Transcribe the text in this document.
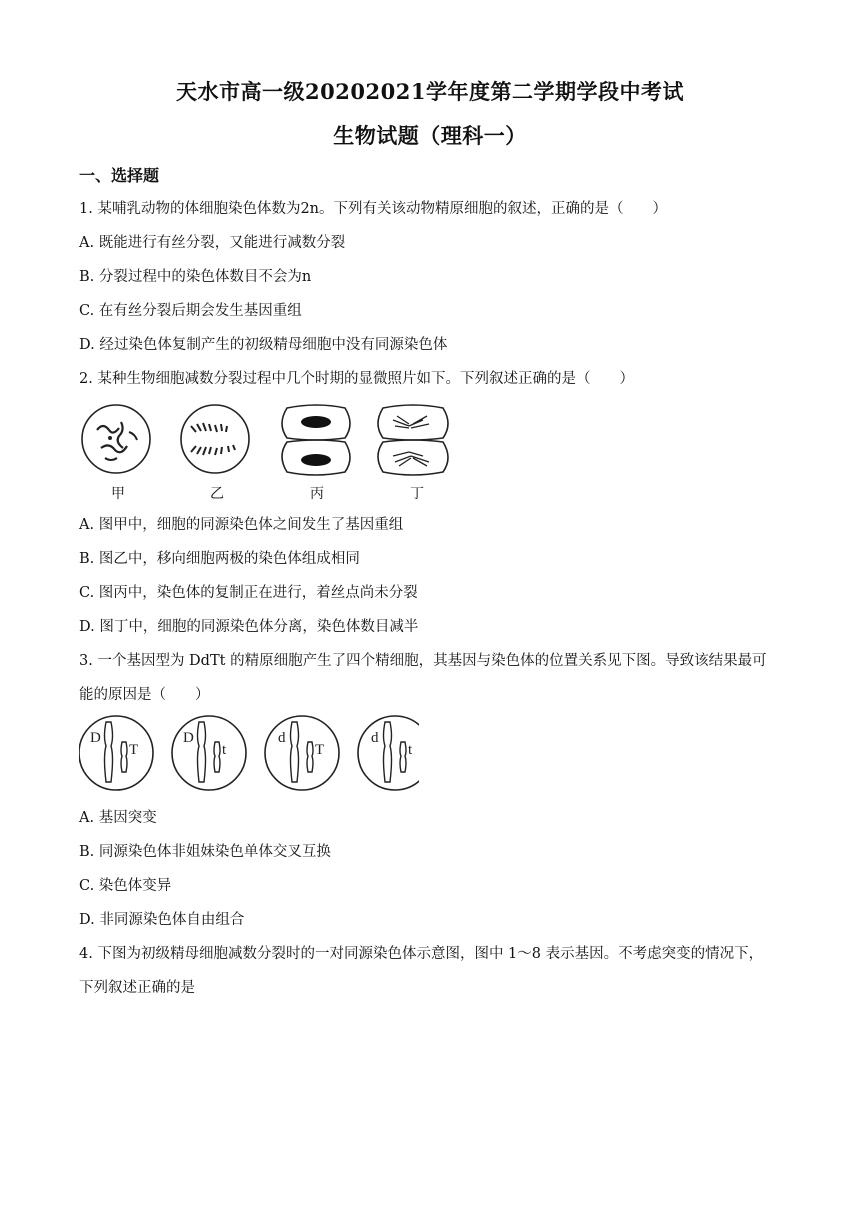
天水市高一级20202021学年度第二学期学段中考试
生物试题（理科一）
一、选择题
1. 某哺乳动物的体细胞染色体数为2n。下列有关该动物精原细胞的叙述，正确的是（　　）
A. 既能进行有丝分裂，又能进行减数分裂
B. 分裂过程中的染色体数目不会为n
C. 在有丝分裂后期会发生基因重组
D. 经过染色体复制产生的初级精母细胞中没有同源染色体
2. 某种生物细胞减数分裂过程中几个时期的显微照片如下。下列叙述正确的是（　　）
甲	乙	丙	丁
A. 图甲中，细胞的同源染色体之间发生了基因重组
B. 图乙中，移向细胞两极的染色体组成相同
C. 图丙中，染色体的复制正在进行，着丝点尚未分裂
D. 图丁中，细胞的同源染色体分离，染色体数目减半
3. 一个基因型为 DdTt 的精原细胞产生了四个精细胞，其基因与染色体的位置关系见下图。导致该结果最可
能的原因是（　　）
D
T
D
t
d
T
d
t
A. 基因突变
B. 同源染色体非姐妹染色单体交叉互换
C. 染色体变异
D. 非同源染色体自由组合
4. 下图为初级精母细胞减数分裂时的一对同源染色体示意图，图中 1～8 表示基因。不考虑突变的情况下，
下列叙述正确的是
